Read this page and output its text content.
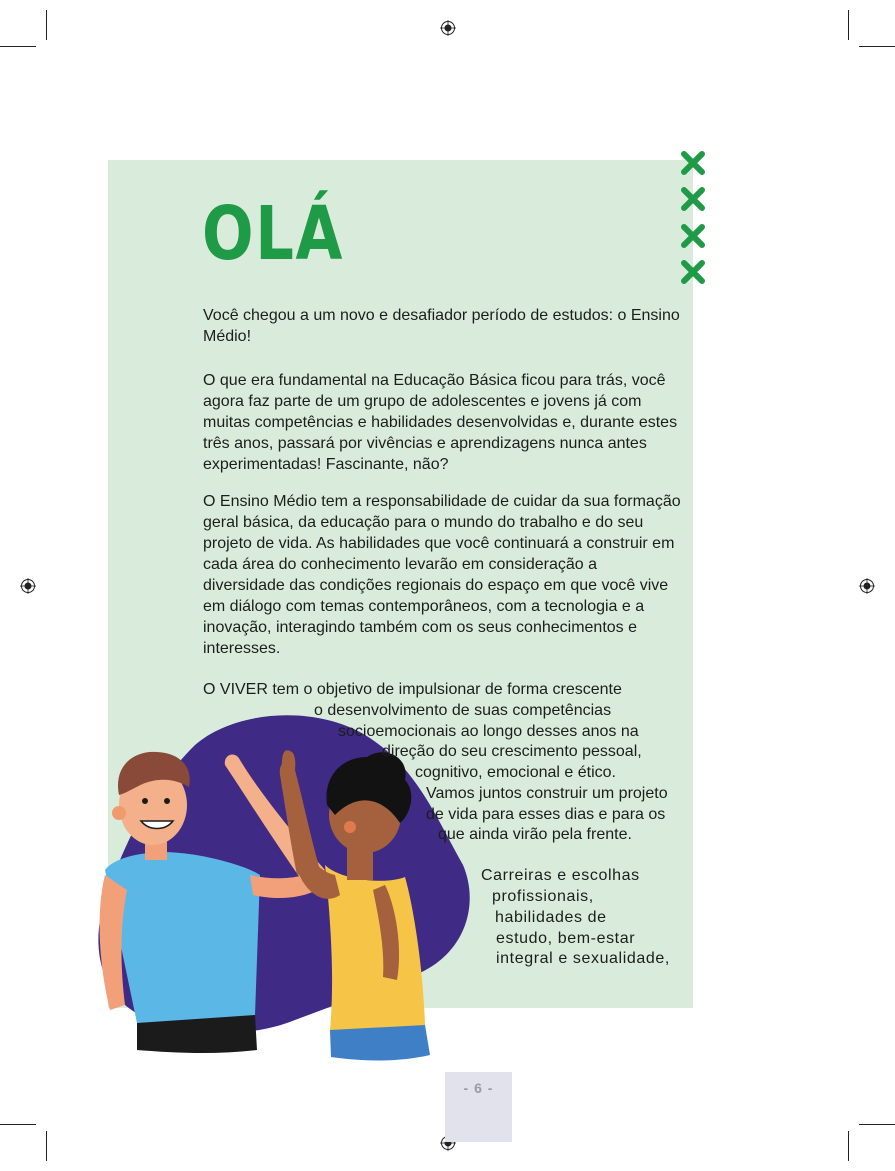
OLÁ

Você chegou a um novo e desafiador período de estudos: o Ensino Médio!

O que era fundamental na Educação Básica ficou para trás, você agora faz parte de um grupo de adolescentes e jovens já com muitas competências e habilidades desenvolvidas e, durante estes três anos, passará por vivências e aprendizagens nunca antes experimentadas! Fascinante, não?

O Ensino Médio tem a responsabilidade de cuidar da sua formação geral básica, da educação para o mundo do trabalho e do seu projeto de vida. As habilidades que você continuará a construir em cada área do conhecimento levarão em consideração a diversidade das condições regionais do espaço em que você vive em diálogo com temas contemporâneos, com a tecnologia e a inovação, interagindo também com os seus conhecimentos e interesses.

O VIVER tem o objetivo de impulsionar de forma crescente

o desenvolvimento de suas competências

socioemocionais ao longo desses anos na

direção do seu crescimento pessoal,

cognitivo, emocional e ético.

Vamos juntos construir um projeto

de vida para esses dias e para os

que ainda virão pela frente.

Carreiras e escolhas

profissionais,

habilidades de

estudo, bem-estar

integral e sexualidade,

- 6 -
